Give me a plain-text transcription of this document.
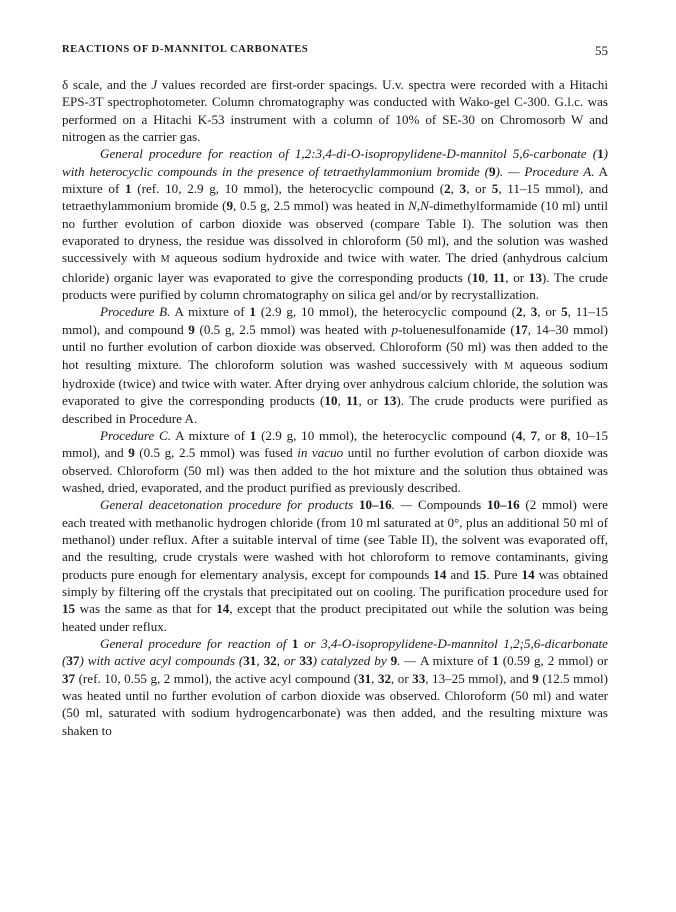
REACTIONS OF D-MANNITOL CARBONATES	55

δ scale, and the J values recorded are first-order spacings. U.v. spectra were recorded with a Hitachi EPS-3T spectrophotometer. Column chromatography was conducted with Wako-gel C-300. G.l.c. was performed on a Hitachi K-53 instrument with a column of 10% of SE-30 on Chromosorb W and nitrogen as the carrier gas.

General procedure for reaction of 1,2:3,4-di-O-isopropylidene-D-mannitol 5,6-carbonate (1) with heterocyclic compounds in the presence of tetraethylammonium bromide (9). — Procedure A. A mixture of 1 (ref. 10, 2.9 g, 10 mmol), the heterocyclic compound (2, 3, or 5, 11–15 mmol), and tetraethylammonium bromide (9, 0.5 g, 2.5 mmol) was heated in N,N-dimethylformamide (10 ml) until no further evolution of carbon dioxide was observed (compare Table I). The solution was then evaporated to dryness, the residue was dissolved in chloroform (50 ml), and the solution was washed successively with M aqueous sodium hydroxide and twice with water. The dried (anhydrous calcium chloride) organic layer was evaporated to give the corresponding products (10, 11, or 13). The crude products were purified by column chromatography on silica gel and/or by recrystallization.

Procedure B. A mixture of 1 (2.9 g, 10 mmol), the heterocyclic compound (2, 3, or 5, 11–15 mmol), and compound 9 (0.5 g, 2.5 mmol) was heated with p-toluenesulfonamide (17, 14–30 mmol) until no further evolution of carbon dioxide was observed. Chloroform (50 ml) was then added to the hot resulting mixture. The chloroform solution was washed successively with M aqueous sodium hydroxide (twice) and twice with water. After drying over anhydrous calcium chloride, the solution was evaporated to give the corresponding products (10, 11, or 13). The crude products were purified as described in Procedure A.

Procedure C. A mixture of 1 (2.9 g, 10 mmol), the heterocyclic compound (4, 7, or 8, 10–15 mmol), and 9 (0.5 g, 2.5 mmol) was fused in vacuo until no further evolution of carbon dioxide was observed. Chloroform (50 ml) was then added to the hot mixture and the solution thus obtained was washed, dried, evaporated, and the product purified as previously described.

General deacetonation procedure for products 10–16. — Compounds 10–16 (2 mmol) were each treated with methanolic hydrogen chloride (from 10 ml saturated at 0°, plus an additional 50 ml of methanol) under reflux. After a suitable interval of time (see Table II), the solvent was evaporated off, and the resulting, crude crystals were washed with hot chloroform to remove contaminants, giving products pure enough for elementary analysis, except for compounds 14 and 15. Pure 14 was obtained simply by filtering off the crystals that precipitated out on cooling. The purification procedure used for 15 was the same as that for 14, except that the product precipitated out while the solution was being heated under reflux.

General procedure for reaction of 1 or 3,4-O-isopropylidene-D-mannitol 1,2;5,6-dicarbonate (37) with active acyl compounds (31, 32, or 33) catalyzed by 9. — A mixture of 1 (0.59 g, 2 mmol) or 37 (ref. 10, 0.55 g, 2 mmol), the active acyl compound (31, 32, or 33, 13–25 mmol), and 9 (12.5 mmol) was heated until no further evolution of carbon dioxide was observed. Chloroform (50 ml) and water (50 ml, saturated with sodium hydrogencarbonate) was then added, and the resulting mixture was shaken to
